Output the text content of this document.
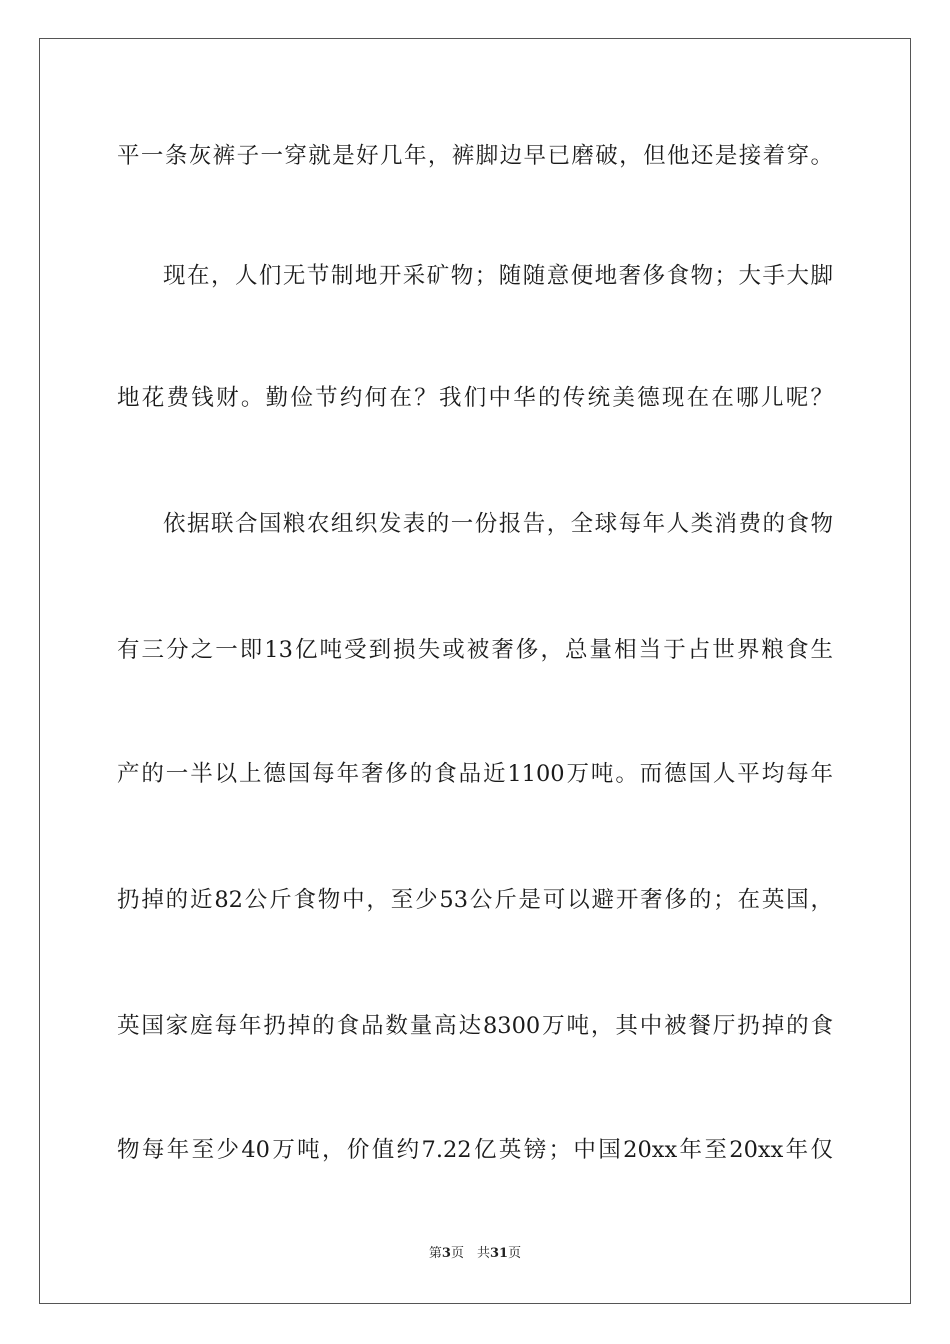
平一条灰裤子一穿就是好几年，裤脚边早已磨破，但他还是接着穿。
现在，人们无节制地开采矿物；随随意便地奢侈食物；大手大脚
地花费钱财。勤俭节约何在？我们中华的传统美德现在在哪儿呢？
依据联合国粮农组织发表的一份报告，全球每年人类消费的食物
有三分之一即13亿吨受到损失或被奢侈，总量相当于占世界粮食生
产的一半以上德国每年奢侈的食品近1100万吨。而德国人平均每年
扔掉的近82公斤食物中，至少53公斤是可以避开奢侈的；在英国，
英国家庭每年扔掉的食品数量高达8300万吨，其中被餐厅扔掉的食
物每年至少40万吨，价值约7.22亿英镑；中国20xx年至20xx年仅
第3页　共31页
